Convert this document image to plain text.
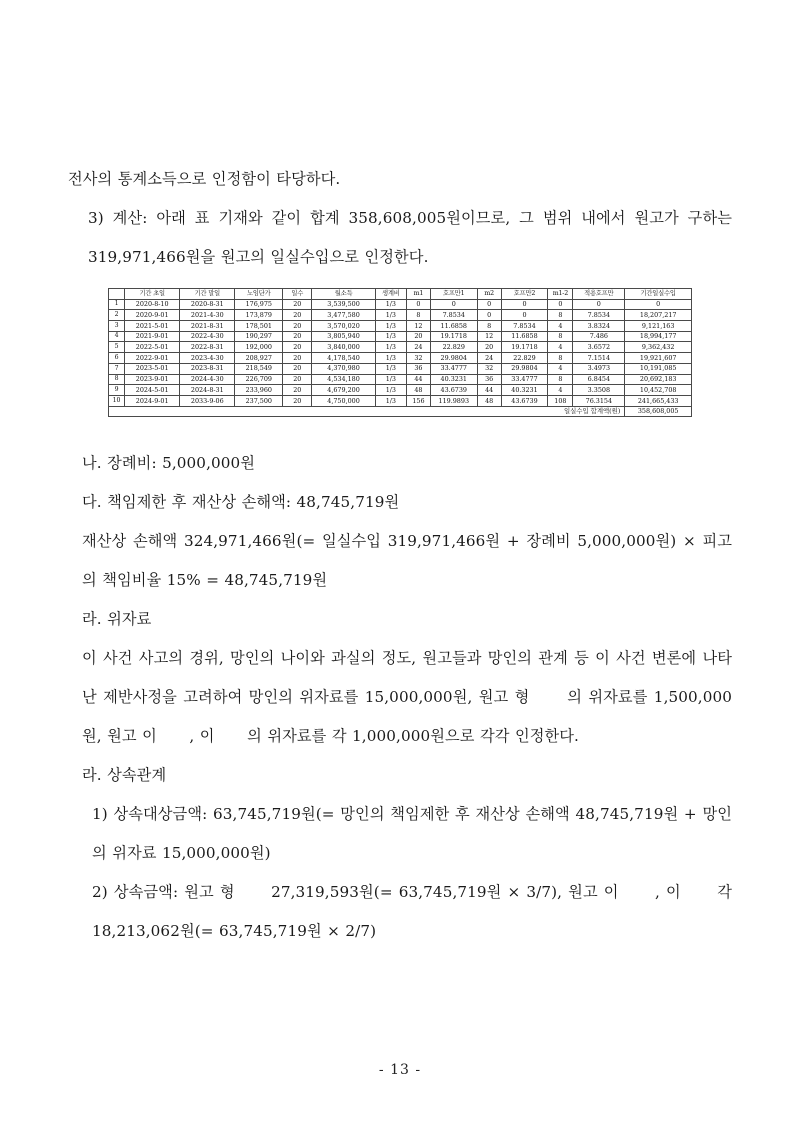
전사의 통계소득으로 인정함이 타당하다.

3) 계산: 아래 표 기재와 같이 합계 358,608,005원이므로, 그 범위 내에서 원고가 구하는 319,971,466원을 원고의 일실수입으로 인정한다.

	기간 초일	기간 말일	노임단가	일수	월소득	생계비	m1	호프만1	m2	호프만2	m1-2	적용호프만	기간일실수입
1	2020-8-10	2020-8-31	176,975	20	3,539,500	1/3	0	0	0	0	0	0	0
2	2020-9-01	2021-4-30	173,879	20	3,477,580	1/3	8	7.8534	0	0	8	7.8534	18,207,217
3	2021-5-01	2021-8-31	178,501	20	3,570,020	1/3	12	11.6858	8	7.8534	4	3.8324	9,121,163
4	2021-9-01	2022-4-30	190,297	20	3,805,940	1/3	20	19.1718	12	11.6858	8	7.486	18,994,177
5	2022-5-01	2022-8-31	192,000	20	3,840,000	1/3	24	22.829	20	19.1718	4	3.6572	9,362,432
6	2022-9-01	2023-4-30	208,927	20	4,178,540	1/3	32	29.9804	24	22.829	8	7.1514	19,921,607
7	2023-5-01	2023-8-31	218,549	20	4,370,980	1/3	36	33.4777	32	29.9804	4	3.4973	10,191,085
8	2023-9-01	2024-4-30	226,709	20	4,534,180	1/3	44	40.3231	36	33.4777	8	6.8454	20,692,183
9	2024-5-01	2024-8-31	233,960	20	4,679,200	1/3	48	43.6739	44	40.3231	4	3.3508	10,452,708
10	2024-9-01	2033-9-06	237,500	20	4,750,000	1/3	156	119.9893	48	43.6739	108	76.3154	241,665,433
일실수입 합계액(원)													358,608,005

나. 장례비: 5,000,000원

다. 책임제한 후 재산상 손해액: 48,745,719원

재산상 손해액 324,971,466원(= 일실수입 319,971,466원 + 장례비 5,000,000원) × 피고의 책임비율 15% = 48,745,719원

라. 위자료

이 사건 사고의 경위, 망인의 나이와 과실의 정도, 원고들과 망인의 관계 등 이 사건 변론에 나타난 제반사정을 고려하여 망인의 위자료를 15,000,000원, 원고 형      의 위자료를 1,500,000원, 원고 이      , 이      의 위자료를 각 1,000,000원으로 각각 인정한다.

라. 상속관계

1) 상속대상금액: 63,745,719원(= 망인의 책임제한 후 재산상 손해액 48,745,719원 + 망인의 위자료 15,000,000원)

2) 상속금액: 원고 형      27,319,593원(= 63,745,719원 × 3/7), 원고 이      , 이      각 18,213,062원(= 63,745,719원 × 2/7)

- 13 -
